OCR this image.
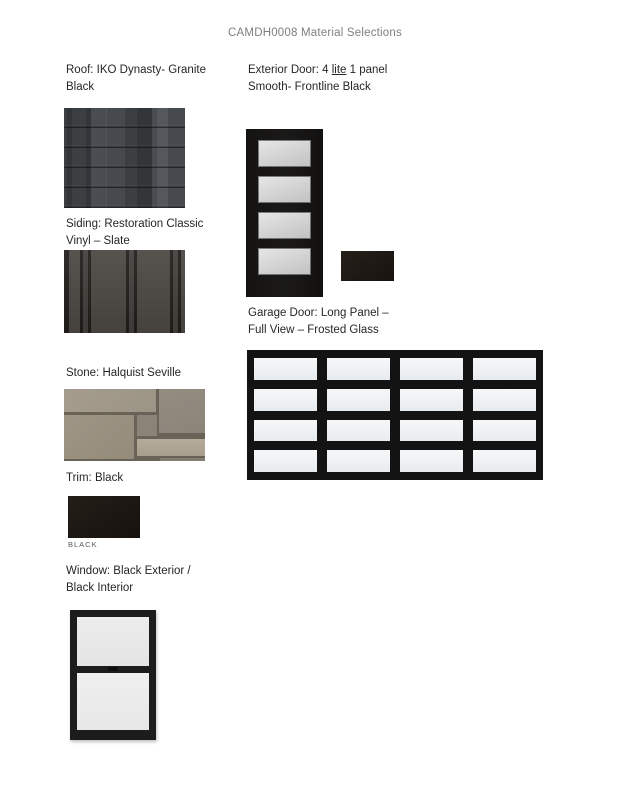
CAMDH0008 Material Selections
Roof: IKO Dynasty- Granite
Black
Siding: Restoration Classic
Vinyl – Slate
Stone: Halquist Seville
Trim: Black
BLACK
Window: Black Exterior /
Black Interior
Exterior Door: 4 lite 1 panel
Smooth- Frontline Black
Garage Door: Long Panel –
Full View – Frosted Glass
